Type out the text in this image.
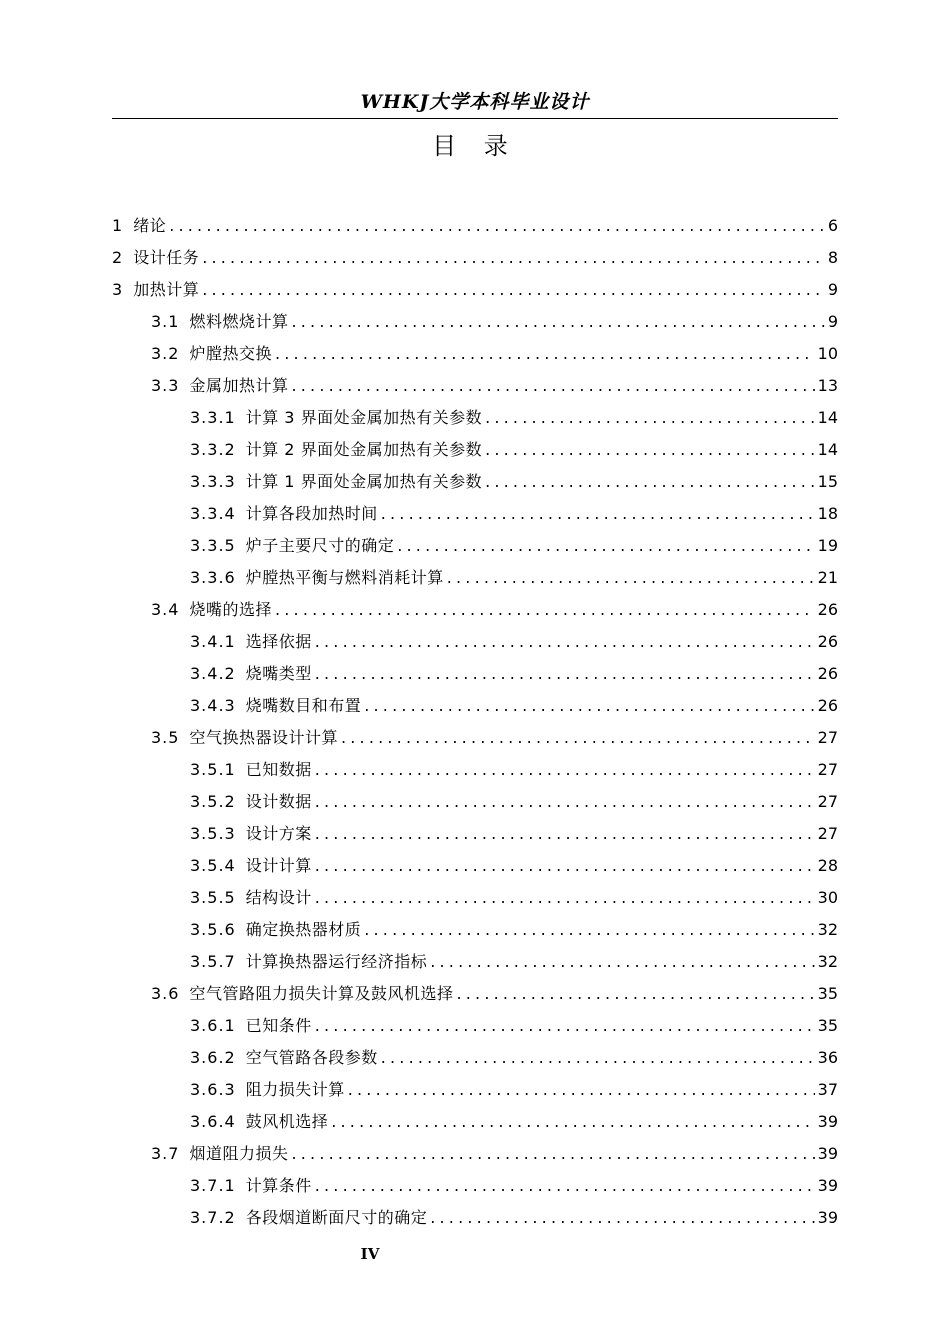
WHKJ大学本科毕业设计
目 录
1 绪论 .....	6
2 设计任务 .....	8
3 加热计算 .....	9
3.1 燃料燃烧计算 .....	9
3.2 炉膛热交换 .....	10
3.3 金属加热计算 .....	13
3.3.1 计算 3 界面处金属加热有关参数 .....	14
3.3.2 计算 2 界面处金属加热有关参数 .....	14
3.3.3 计算 1 界面处金属加热有关参数 .....	15
3.3.4 计算各段加热时间 .....	18
3.3.5 炉子主要尺寸的确定 .....	19
3.3.6 炉膛热平衡与燃料消耗计算 .....	21
3.4 烧嘴的选择 .....	26
3.4.1 选择依据 .....	26
3.4.2 烧嘴类型 .....	26
3.4.3 烧嘴数目和布置 .....	26
3.5 空气换热器设计计算 .....	27
3.5.1 已知数据 .....	27
3.5.2 设计数据 .....	27
3.5.3 设计方案 .....	27
3.5.4 设计计算 .....	28
3.5.5 结构设计 .....	30
3.5.6 确定换热器材质 .....	32
3.5.7 计算换热器运行经济指标 .....	32
3.6 空气管路阻力损失计算及鼓风机选择 .....	35
3.6.1 已知条件 .....	35
3.6.2 空气管路各段参数 .....	36
3.6.3 阻力损失计算 .....	37
3.6.4 鼓风机选择 .....	39
3.7 烟道阻力损失 .....	39
3.7.1 计算条件 .....	39
3.7.2 各段烟道断面尺寸的确定 .....	39
IV
